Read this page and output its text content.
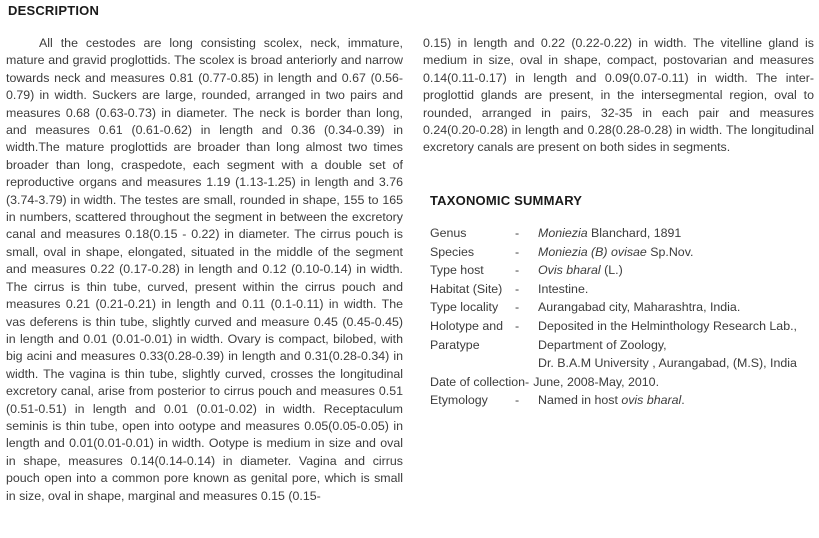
DESCRIPTION
All the cestodes are long consisting scolex, neck, immature, mature and gravid proglottids. The scolex is broad anteriorly and narrow towards neck and measures 0.81 (0.77-0.85) in length and 0.67 (0.56-0.79) in width. Suckers are large, rounded, arranged in two pairs and measures 0.68 (0.63-0.73) in diameter. The neck is border than long, and measures 0.61 (0.61-0.62) in length and 0.36 (0.34-0.39) in width.The mature proglottids are broader than long almost two times broader than long, craspedote, each segment with a double set of reproductive organs and measures 1.19 (1.13-1.25) in length and 3.76 (3.74-3.79) in width. The testes are small, rounded in shape, 155 to 165 in numbers, scattered throughout the segment in between the excretory canal and measures 0.18(0.15 - 0.22) in diameter. The cirrus pouch is small, oval in shape, elongated, situated in the middle of the segment and measures 0.22 (0.17-0.28) in length and 0.12 (0.10-0.14) in width. The cirrus is thin tube, curved, present within the cirrus pouch and measures 0.21 (0.21-0.21) in length and 0.11 (0.1-0.11) in width. The vas deferens is thin tube, slightly curved and measure 0.45 (0.45-0.45) in length and 0.01 (0.01-0.01) in width. Ovary is compact, bilobed, with big acini and measures 0.33(0.28-0.39) in length and 0.31(0.28-0.34) in width. The vagina is thin tube, slightly curved, crosses the longitudinal excretory canal, arise from posterior to cirrus pouch and measures 0.51 (0.51-0.51) in length and 0.01 (0.01-0.02) in width. Receptaculum seminis is thin tube, open into ootype and measures 0.05(0.05-0.05) in length and 0.01(0.01-0.01) in width. Ootype is medium in size and oval in shape, measures 0.14(0.14-0.14) in diameter. Vagina and cirrus pouch open into a common pore known as genital pore, which is small in size, oval in shape, marginal and measures 0.15 (0.15-
0.15) in length and 0.22 (0.22-0.22) in width. The vitelline gland is medium in size, oval in shape, compact, postovarian and measures 0.14(0.11-0.17) in length and 0.09(0.07-0.11) in width. The inter-proglottid glands are present, in the intersegmental region, oval to rounded, arranged in pairs, 32-35 in each pair and measures 0.24(0.20-0.28) in length and 0.28(0.28-0.28) in width. The longitudinal excretory canals are present on both sides in segments.
TAXONOMIC SUMMARY
Genus	-	Moniezia Blanchard, 1891
Species	-	Moniezia (B) ovisae Sp.Nov.
Type host	-	Ovis bharal (L.)
Habitat (Site)	-	Intestine.
Type locality	-	Aurangabad city, Maharashtra, India.
Holotype and -	Deposited in the Helminthology Research Lab.,
Paratype	Department of Zoology,
Dr. B.A.M University , Aurangabad, (M.S), India
Date of collection- June, 2008-May, 2010.
Etymology	-	Named in host ovis bharal.
